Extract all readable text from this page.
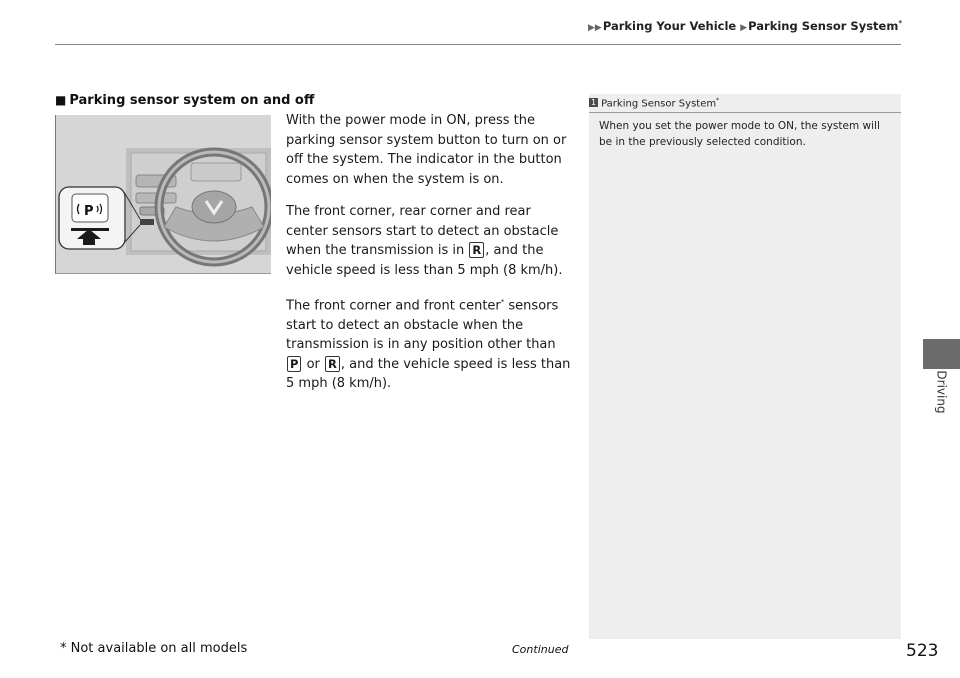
▶▶Parking Your Vehicle ▶Parking Sensor System*
Driving
■ Parking sensor system on and off
P

With the power mode in ON, press the parking sensor system button to turn on or off the system. The indicator in the button comes on when the system is on.

The front corner, rear corner and rear center sensors start to detect an obstacle when the transmission is in R , and the vehicle speed is less than 5 mph (8 km/h).

The front corner and front center* sensors start to detect an obstacle when the transmission is in any position other than P or R , and the vehicle speed is less than 5 mph (8 km/h).

1 Parking Sensor System*
When you set the power mode to ON, the system will be in the previously selected condition.
* Not available on all models	Continued	523
